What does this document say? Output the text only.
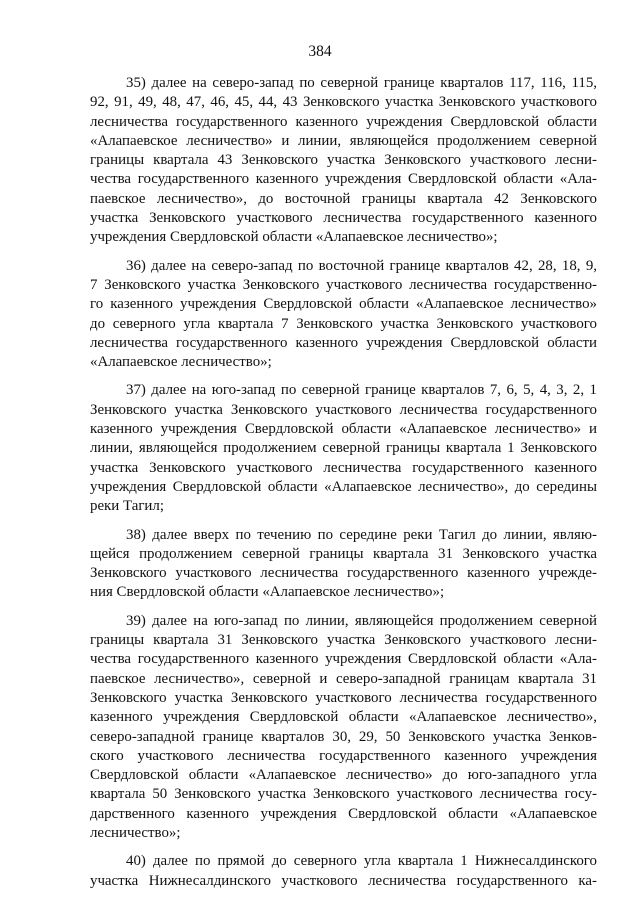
384
35) далее на северо-запад по северной границе кварталов 117, 116, 115,
92, 91, 49, 48, 47, 46, 45, 44, 43 Зенковского участка Зенковского участкового
лесничества государственного казенного учреждения Свердловской области
«Алапаевское лесничество» и линии, являющейся продолжением северной
границы квартала 43 Зенковского участка Зенковского участкового лесни-
чества государственного казенного учреждения Свердловской области «Ала-
паевское лесничество», до восточной границы квартала 42 Зенковского
участка Зенковского участкового лесничества государственного казенного
учреждения Свердловской области «Алапаевское лесничество»;
36) далее на северо-запад по восточной границе кварталов 42, 28, 18, 9,
7 Зенковского участка Зенковского участкового лесничества государственно-
го казенного учреждения Свердловской области «Алапаевское лесничество»
до северного угла квартала 7 Зенковского участка Зенковского участкового
лесничества государственного казенного учреждения Свердловской области
«Алапаевское лесничество»;
37) далее на юго-запад по северной границе кварталов 7, 6, 5, 4, 3, 2, 1
Зенковского участка Зенковского участкового лесничества государственного
казенного учреждения Свердловской области «Алапаевское лесничество» и
линии, являющейся продолжением северной границы квартала 1 Зенковского
участка Зенковского участкового лесничества государственного казенного
учреждения Свердловской области «Алапаевское лесничество», до середины
реки Тагил;
38) далее вверх по течению по середине реки Тагил до линии, являю-
щейся продолжением северной границы квартала 31 Зенковского участка
Зенковского участкового лесничества государственного казенного учрежде-
ния Свердловской области «Алапаевское лесничество»;
39) далее на юго-запад по линии, являющейся продолжением северной
границы квартала 31 Зенковского участка Зенковского участкового лесни-
чества государственного казенного учреждения Свердловской области «Ала-
паевское лесничество», северной и северо-западной границам квартала 31
Зенковского участка Зенковского участкового лесничества государственного
казенного учреждения Свердловской области «Алапаевское лесничество»,
северо-западной границе кварталов 30, 29, 50 Зенковского участка Зенков-
ского участкового лесничества государственного казенного учреждения
Свердловской области «Алапаевское лесничество» до юго-западного угла
квартала 50 Зенковского участка Зенковского участкового лесничества госу-
дарственного казенного учреждения Свердловской области «Алапаевское
лесничество»;
40) далее по прямой до северного угла квартала 1 Нижнесалдинского
участка Нижнесалдинского участкового лесничества государственного ка-
